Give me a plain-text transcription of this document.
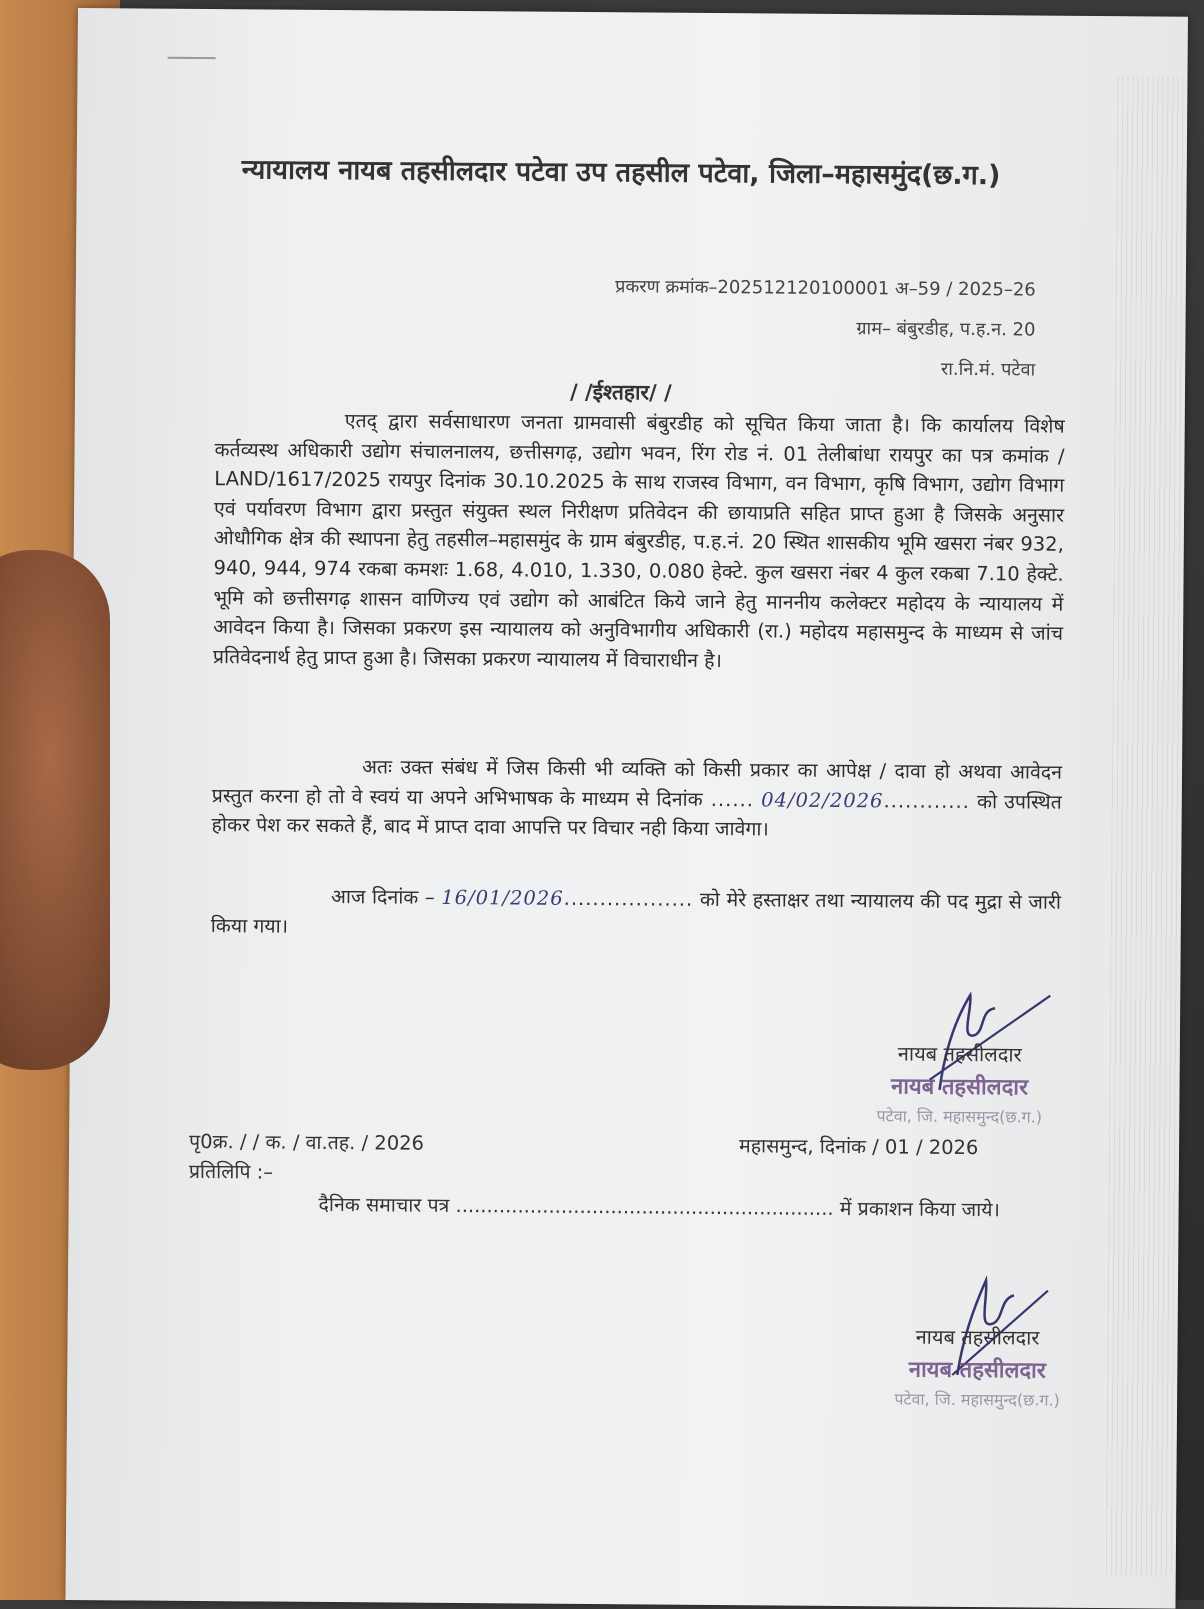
न्यायालय नायब तहसीलदार पटेवा उप तहसील पटेवा, जिला–महासमुंद(छ.ग.)
प्रकरण क्रमांक–202512120100001 अ–59 / 2025–26
ग्राम– बंबुरडीह, प.ह.न. 20
रा.नि.मं. पटेवा
/ /ईश्तहार/ /
एतद् द्वारा सर्वसाधारण जनता ग्रामवासी बंबुरडीह को सूचित किया जाता है। कि कार्यालय विशेष कर्तव्यस्थ अधिकारी उद्योग संचालनालय, छत्तीसगढ़, उद्योग भवन, रिंग रोड नं. 01 तेलीबांधा रायपुर का पत्र कमांक / LAND/1617/2025 रायपुर दिनांक 30.10.2025 के साथ राजस्व विभाग, वन विभाग, कृषि विभाग, उद्योग विभाग एवं पर्यावरण विभाग द्वारा प्रस्तुत संयुक्त स्थल निरीक्षण प्रतिवेदन की छायाप्रति सहित प्राप्त हुआ है जिसके अनुसार ओधौगिक क्षेत्र की स्थापना हेतु तहसील–महासमुंद के ग्राम बंबुरडीह, प.ह.नं. 20 स्थित शासकीय भूमि खसरा नंबर 932, 940, 944, 974 रकबा कमशः 1.68, 4.010, 1.330, 0.080 हेक्टे. कुल खसरा नंबर 4 कुल रकबा 7.10 हेक्टे. भूमि को छत्तीसगढ़ शासन वाणिज्य एवं उद्योग को आबंटित किये जाने हेतु माननीय कलेक्टर महोदय के न्यायालय में आवेदन किया है। जिसका प्रकरण इस न्यायालय को अनुविभागीय अधिकारी (रा.) महोदय महासमुन्द के माध्यम से जांच प्रतिवेदनार्थ हेतु प्राप्त हुआ है। जिसका प्रकरण न्यायालय में विचाराधीन है।
अतः उक्त संबंध में जिस किसी भी व्यक्ति को किसी प्रकार का आपेक्ष / दावा हो अथवा आवेदन प्रस्तुत करना हो तो वे स्वयं या अपने अभिभाषक के माध्यम से दिनांक ...... 04/02/2026............ को उपस्थित होकर पेश कर सकते हैं, बाद में प्राप्त दावा आपत्ति पर विचार नही किया जावेगा।
आज दिनांक – 16/01/2026.................. को मेरे हस्ताक्षर तथा न्यायालय की पद मुद्रा से जारी किया गया।
नायब तहसीलदार
नायब तहसीलदार
पटेवा, जि. महासमुन्द(छ.ग.)
पृ0क्र. / / क. / वा.तह. / 2026	महासमुन्द, दिनांक / 01 / 2026
प्रतिलिपि :–
दैनिक समाचार पत्र ............................................................. में प्रकाशन किया जाये।
नायब तहसीलदार
नायब तहसीलदार
पटेवा, जि. महासमुन्द(छ.ग.)
